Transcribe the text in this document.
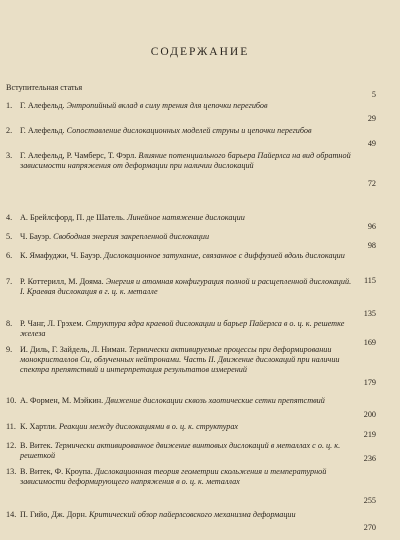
СОДЕРЖАНИЕ
Вступительная статья
5
1. Г. Алефельд. Энтропийный вклад в силу трения для цепочки перегибов
29
2. Г. Алефельд. Сопоставление дислокационных моделей струны и цепочки перегибов
49
3. Г. Алефельд, Р. Чамберс, Т. Фэрл. Влияние потенциального барьера Пайерлса на вид обратной зависимости напряжения от деформации при наличии дислокаций
72
4. А. Брейлсфорд, П. де Шатель. Линейное натяжение дислокации
96
5. Ч. Бауэр. Свободная энергия закрепленной дислокации
98
6. К. Ямафуджи, Ч. Бауэр. Дислокационное затухание, связанное с диффузией вдоль дислокации
115
7. Р. Коттерилл, М. Доямa. Энергия и атомная конфигурация полной и расщепленной дислокаций. I. Краевая дислокация в г. ц. к. металле
135
8. Р. Чанг, Л. Грэхем. Структура ядра краевой дислокации и барьер Пайерлса в о. ц. к. решетке железа
169
9. И. Диль, Г. Зайдель, Л. Ниман. Термически активируемые процессы при деформировании монокристаллов Cu, облученных нейтронами. Часть II. Движение дислокаций при наличии спектра препятствий и интерпретация результатов измерений
179
10. А. Формен, М. Мэйкин. Движение дислокации сквозь хаотические сетки препятствий
200
11. К. Хартли. Реакции между дислокациями в о. ц. к. структурах
219
12. В. Витек. Термически активированное движение винтовых дислокаций в металлах с о. ц. к. решеткой	236
13. В. Витек, Ф. Кроупа. Дислокационная теория геометрии скольжения и температурной зависимости деформирующего напряжения в о. ц. к. металлах
255
14. П. Гийо, Дж. Дорн. Критический обзор пайерлсовского механизма деформации
270
